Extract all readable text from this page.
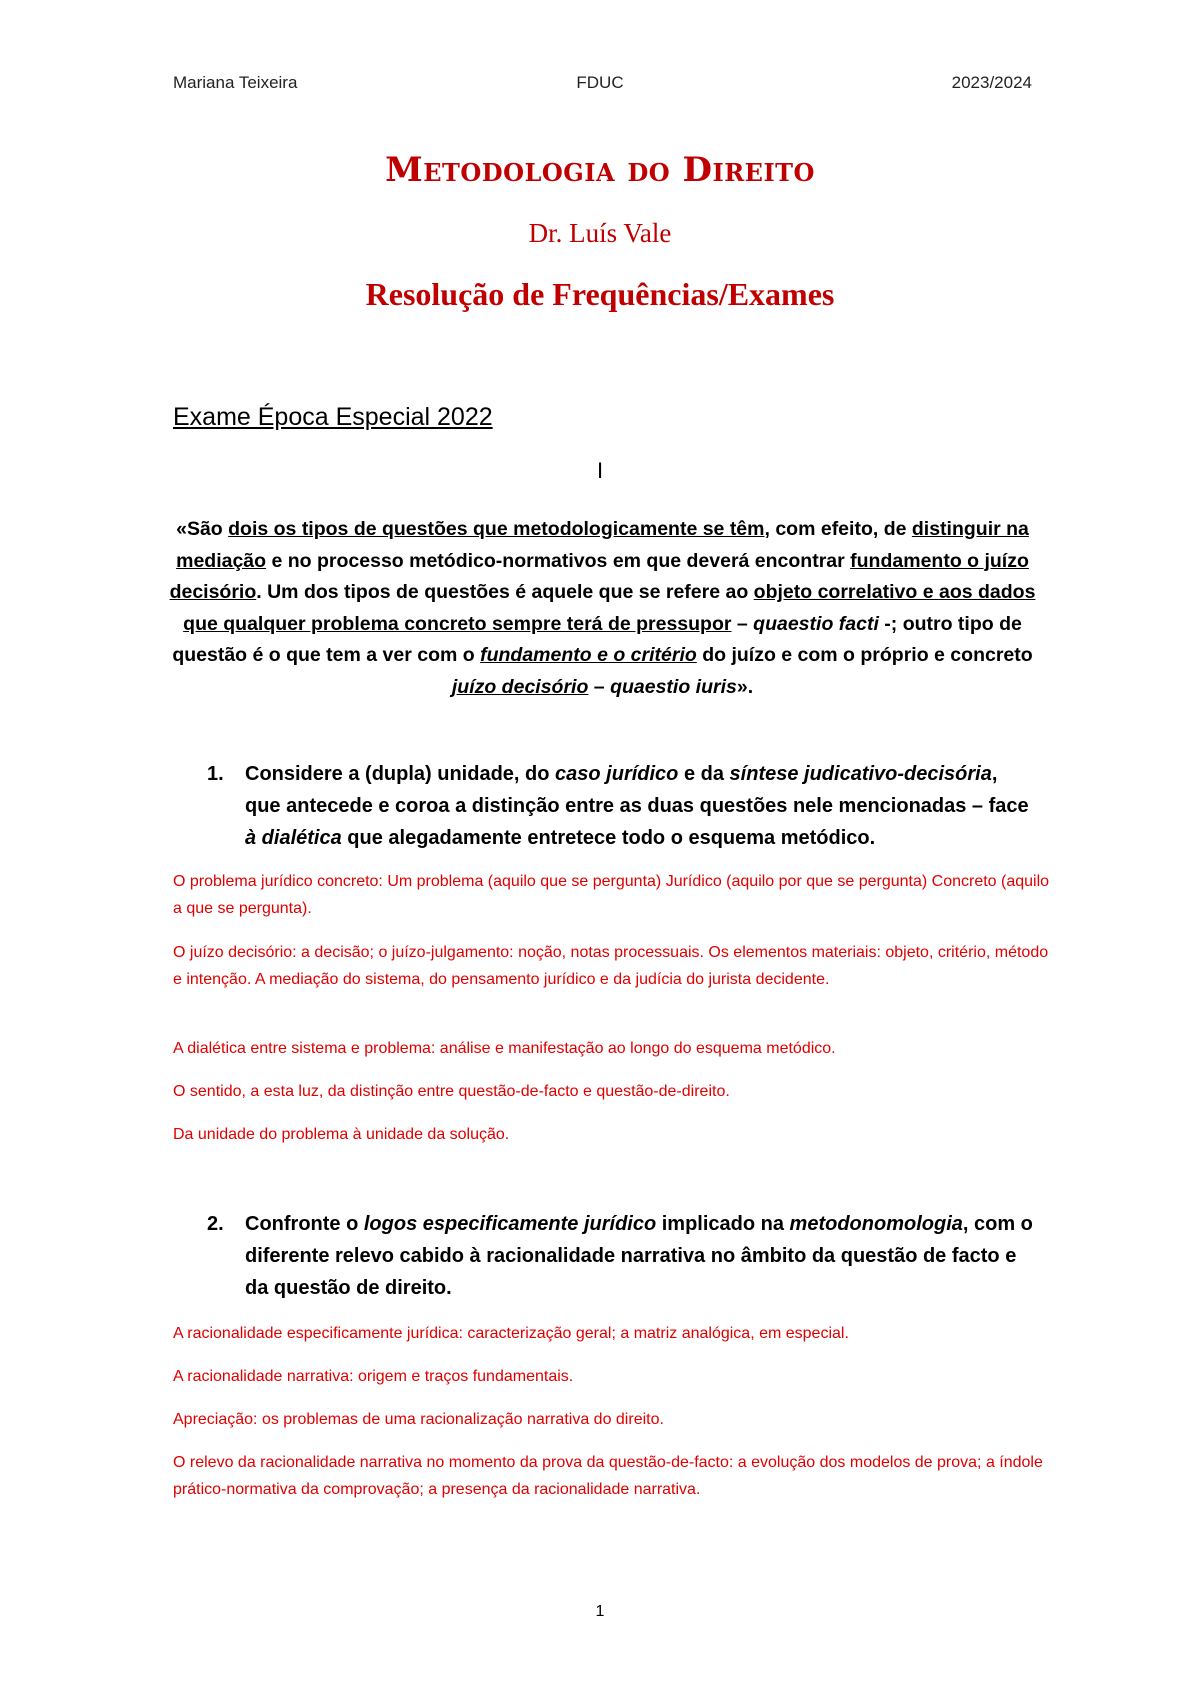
Mariana Teixeira	FDUC	2023/2024
Metodologia do Direito
Dr. Luís Vale
Resolução de Frequências/Exames
Exame Época Especial 2022
I
«São dois os tipos de questões que metodologicamente se têm, com efeito, de distinguir na mediação e no processo metódico-normativos em que deverá encontrar fundamento o juízo decisório. Um dos tipos de questões é aquele que se refere ao objeto correlativo e aos dados que qualquer problema concreto sempre terá de pressupor – quaestio facti -; outro tipo de questão é o que tem a ver com o fundamento e o critério do juízo e com o próprio e concreto juízo decisório – quaestio iuris».
1. Considere a (dupla) unidade, do caso jurídico e da síntese judicativo-decisória, que antecede e coroa a distinção entre as duas questões nele mencionadas – face à dialética que alegadamente entretece todo o esquema metódico.
O problema jurídico concreto: Um problema (aquilo que se pergunta) Jurídico (aquilo por que se pergunta) Concreto (aquilo a que se pergunta).
O juízo decisório: a decisão; o juízo-julgamento: noção, notas processuais. Os elementos materiais: objeto, critério, método e intenção. A mediação do sistema, do pensamento jurídico e da judícia do jurista decidente.
A dialética entre sistema e problema: análise e manifestação ao longo do esquema metódico.
O sentido, a esta luz, da distinção entre questão-de-facto e questão-de-direito.
Da unidade do problema à unidade da solução.
2. Confronte o logos especificamente jurídico implicado na metodonomologia, com o diferente relevo cabido à racionalidade narrativa no âmbito da questão de facto e da questão de direito.
A racionalidade especificamente jurídica: caracterização geral; a matriz analógica, em especial.
A racionalidade narrativa: origem e traços fundamentais.
Apreciação: os problemas de uma racionalização narrativa do direito.
O relevo da racionalidade narrativa no momento da prova da questão-de-facto: a evolução dos modelos de prova; a índole prático-normativa da comprovação; a presença da racionalidade narrativa.
1
